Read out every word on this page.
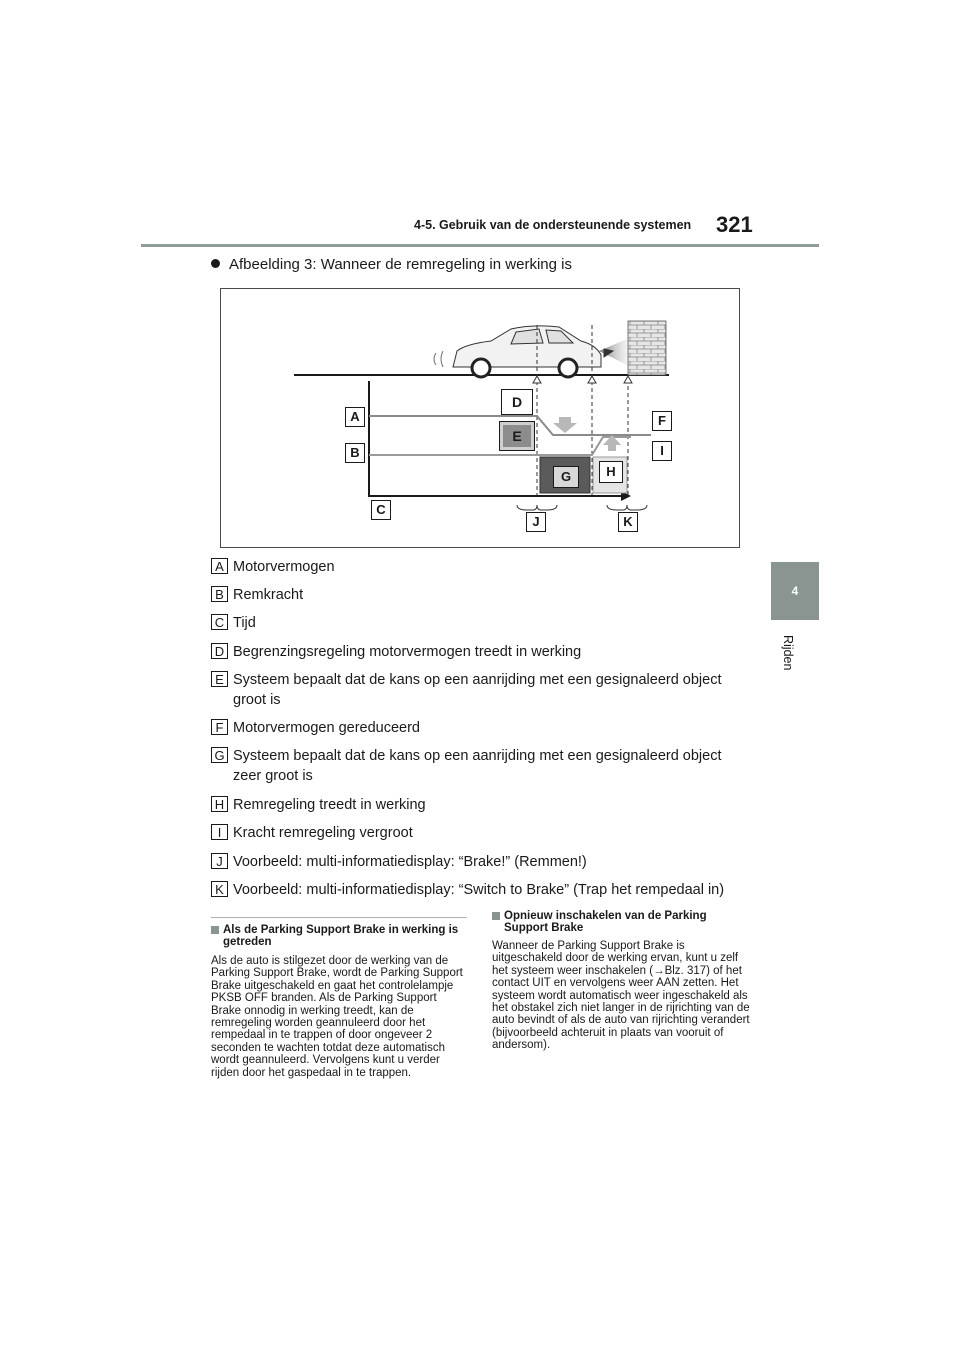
4-5. Gebruik van de ondersteunende systemen 321
4
Rijden
Afbeelding 3: Wanneer de remregeling in werking is
A
B
C
D
E
F
G	H
I
J	K
A Motorvermogen
B Remkracht
C Tijd
D Begrenzingsregeling motorvermogen treedt in werking
E Systeem bepaalt dat de kans op een aanrijding met een gesignaleerd object groot is
F Motorvermogen gereduceerd
G Systeem bepaalt dat de kans op een aanrijding met een gesignaleerd object zeer groot is
H Remregeling treedt in werking
I Kracht remregeling vergroot
J Voorbeeld: multi-informatiedisplay: “Brake!” (Remmen!)
K Voorbeeld: multi-informatiedisplay: “Switch to Brake” (Trap het rempedaal in)
Als de Parking Support Brake in werking is getreden
Als de auto is stilgezet door de werking van de Parking Support Brake, wordt de Parking Support Brake uitgeschakeld en gaat het controlelampje PKSB OFF branden. Als de Parking Support Brake onnodig in werking treedt, kan de remregeling worden geannuleerd door het rempedaal in te trappen of door ongeveer 2 seconden te wachten totdat deze automatisch wordt geannuleerd. Vervolgens kunt u verder rijden door het gaspedaal in te trappen.
Opnieuw inschakelen van de Parking Support Brake
Wanneer de Parking Support Brake is uitgeschakeld door de werking ervan, kunt u zelf het systeem weer inschakelen (→Blz. 317) of het contact UIT en vervolgens weer AAN zetten. Het systeem wordt automatisch weer ingeschakeld als het obstakel zich niet langer in de rijrichting van de auto bevindt of als de auto van rijrichting verandert (bijvoorbeeld achteruit in plaats van vooruit of andersom).
